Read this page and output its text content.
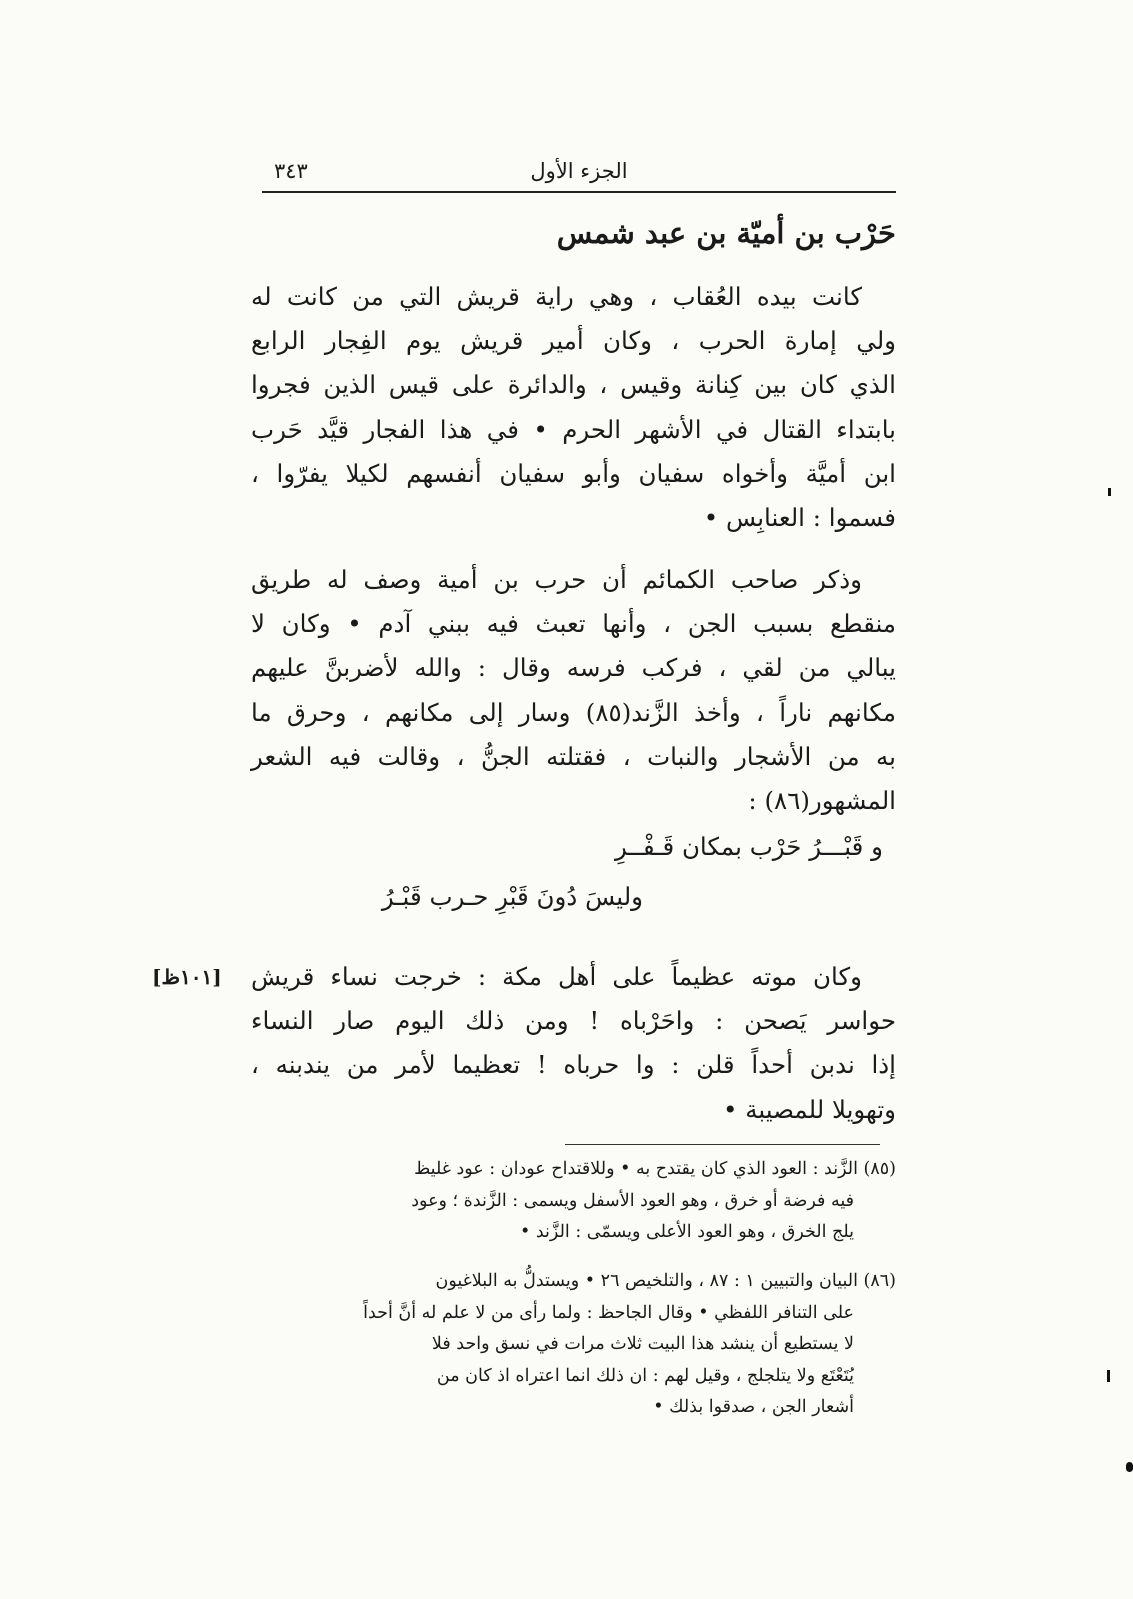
٣٤٣	الجزء الأول
حَرْب بن أميّة بن عبد شمس
كانت بيده العُقاب ، وهي راية قريش التي من كانت له
ولي إمارة الحرب ، وكان أمير قريش يوم الفِجار الرابع
الذي كان بين كِنانة وقيس ، والدائرة على قيس الذين فجروا
بابتداء القتال في الأشهر الحرم • في هذا الفجار قيَّد حَرب
ابن أميَّة وأخواه سفيان وأبو سفيان أنفسهم لكيلا يفرّوا ،
فسموا : العنابِس •
وذكر صاحب الكمائم أن حرب بن أمية وصف له طريق
منقطع بسبب الجن ، وأنها تعبث فيه ببني آدم • وكان لا
يبالي من لقي ، فركب فرسه وقال : والله لأضربنَّ عليهم
مكانهم ناراً ، وأخذ الزَّند(٨٥) وسار إلى مكانهم ، وحرق ما
به من الأشجار والنبات ، فقتلته الجنُّ ، وقالت فيه الشعر
المشهور(٨٦) :
و قَبْـــرُ حَرْب بمكان قَـفْــرِ
وليسَ دُونَ قَبْرِ حـرب قَبْـرُ
[١٠١ظ] وكان موته عظيماً على أهل مكة : خرجت نساء قريش
حواسر يَصحن : واحَرْباه ! ومن ذلك اليوم صار النساء
إذا ندبن أحداً قلن : وا حرباه ! تعظيما لأمر من يندبنه ،
وتهويلا للمصيبة •
(٨٥) الزَّند : العود الذي كان يقتدح به • وللاقتداح عودان : عود غليظ
فيه فرضة أو خرق ، وهو العود الأسفل ويسمى : الزَّندة ؛ وعود
يلج الخرق ، وهو العود الأعلى ويسمّى : الزَّند •
(٨٦) البيان والتبيين ١ : ٨٧ ، والتلخيص ٢٦ • ويستدلُّ به البلاغيون
على التنافر اللفظي • وقال الجاحظ : ولما رأى من لا علم له أنَّ أحداً
لا يستطيع أن ينشد هذا البيت ثلاث مرات في نسق واحد فلا
يُتَعْتَع ولا يتلجلج ، وقيل لهم : ان ذلك انما اعتراه اذ كان من
أشعار الجن ، صدقوا بذلك •
